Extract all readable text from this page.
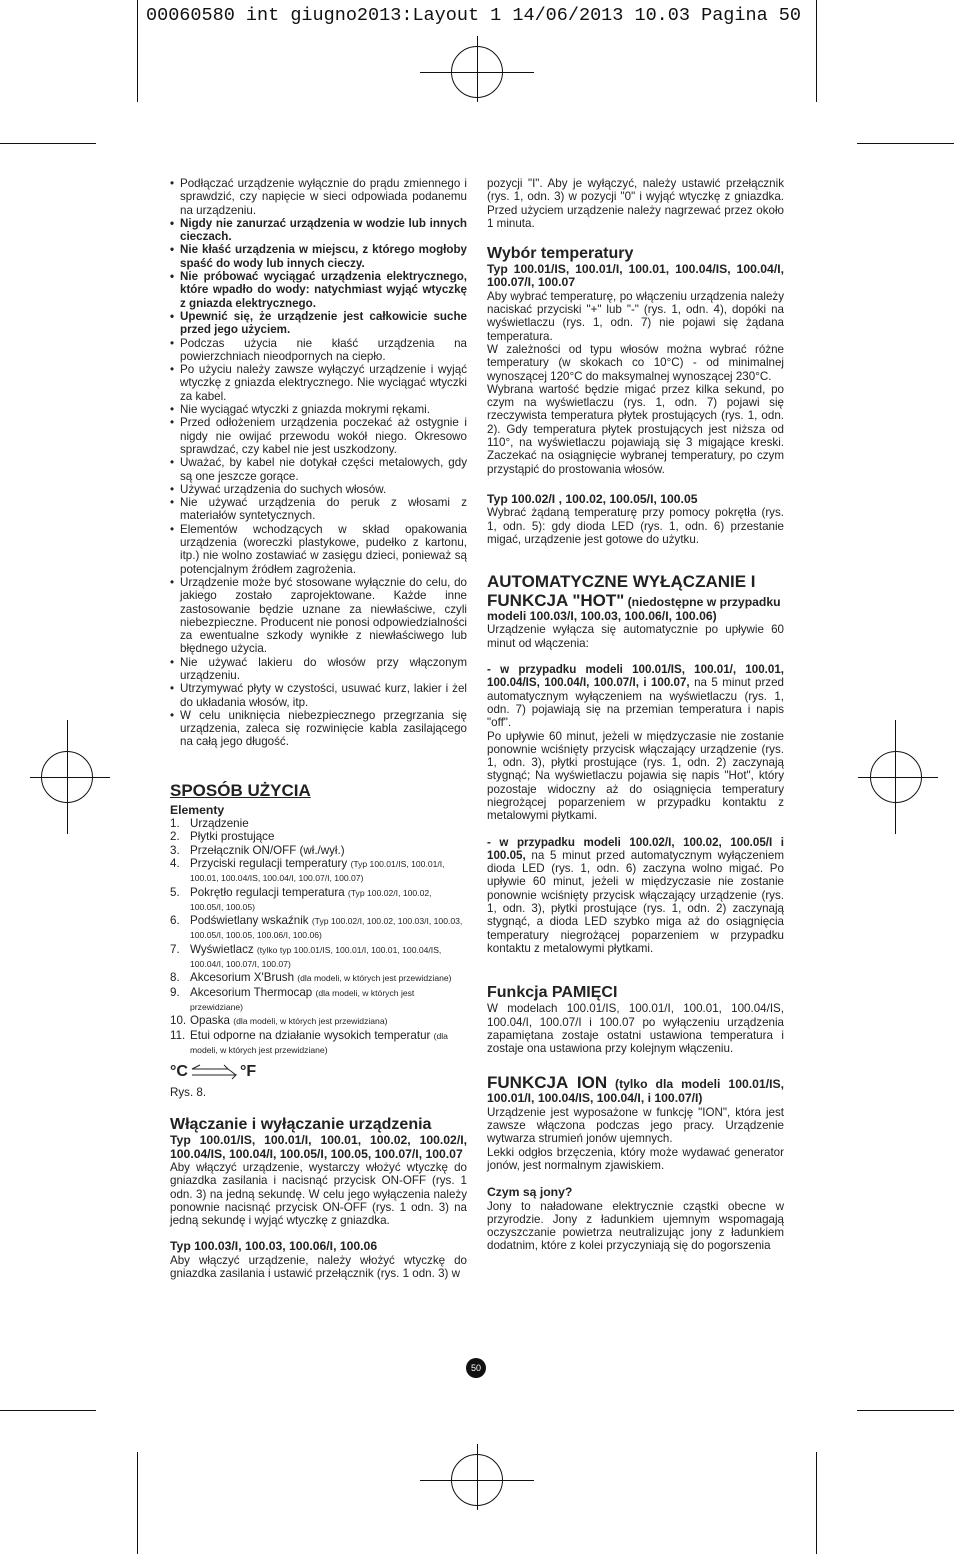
00060580 int giugno2013:Layout 1 14/06/2013 10.03 Pagina 50
• Podłączać urządzenie wyłącznie do prądu zmiennego i sprawdzić, czy napięcie w sieci odpowiada podanemu na urządzeniu.
• Nigdy nie zanurzać urządzenia w wodzie lub innych cieczach.
• Nie kłaść urządzenia w miejscu, z którego mogłoby spaść do wody lub innych cieczy.
• Nie próbować wyciągać urządzenia elektrycznego, które wpadło do wody: natychmiast wyjąć wtyczkę z gniazda elektrycznego.
• Upewnić się, że urządzenie jest całkowicie suche przed jego użyciem.
• Podczas użycia nie kłaść urządzenia na powierzchniach nieodpornych na ciepło.
• Po użyciu należy zawsze wyłączyć urządzenie i wyjąć wtyczkę z gniazda elektrycznego. Nie wyciągać wtyczki za kabel.
• Nie wyciągać wtyczki z gniazda mokrymi rękami.
• Przed odłożeniem urządzenia poczekać aż ostygnie i nigdy nie owijać przewodu wokół niego. Okresowo sprawdzać, czy kabel nie jest uszkodzony.
• Uważać, by kabel nie dotykał części metalowych, gdy są one jeszcze gorące.
• Używać urządzenia do suchych włosów.
• Nie używać urządzenia do peruk z włosami z materiałów syntetycznych.
• Elementów wchodzących w skład opakowania urządzenia (woreczki plastykowe, pudełko z kartonu, itp.) nie wolno zostawiać w zasięgu dzieci, ponieważ są potencjalnym źródłem zagrożenia.
• Urządzenie może być stosowane wyłącznie do celu, do jakiego zostało zaprojektowane. Każde inne zastosowanie będzie uznane za niewłaściwe, czyli niebezpieczne. Producent nie ponosi odpowiedzialności za ewentualne szkody wynikłe z niewłaściwego lub błędnego użycia.
• Nie używać lakieru do włosów przy włączonym urządzeniu.
• Utrzymywać płyty w czystości, usuwać kurz, lakier i żel do układania włosów, itp.
• W celu uniknięcia niebezpiecznego przegrzania się urządzenia, zaleca się rozwinięcie kabla zasilającego na całą jego długość.
SPOSÓB UŻYCIA
Elementy
1. Urządzenie
2. Płytki prostujące
3. Przełącznik ON/OFF (wł./wył.)
4. Przyciski regulacji temperatury (Typ 100.01/IS, 100.01/I, 100.01, 100.04/IS, 100.04/I, 100.07/I, 100.07)
5. Pokrętło regulacji temperatura (Typ 100.02/I, 100.02, 100.05/I, 100.05)
6. Podświetlany wskaźnik (Typ 100.02/I, 100.02, 100.03/I, 100.03, 100.05/I, 100.05, 100.06/I, 100.06)
7. Wyświetlacz (tylko typ 100.01/IS, 100.01/I, 100.01, 100.04/IS, 100.04/I, 100.07/I, 100.07)
8. Akcesorium X'Brush (dla modeli, w których jest przewidziane)
9. Akcesorium Thermocap (dla modeli, w których jest przewidziane)
10. Opaska (dla modeli, w których jest przewidziana)
11. Etui odporne na działanie wysokich temperatur (dla modeli, w których jest przewidziane)
°C	°F

Rys. 8.

Włączanie i wyłączanie urządzenia

Typ 100.01/IS, 100.01/I, 100.01, 100.02, 100.02/I, 100.04/IS, 100.04/I, 100.05/I, 100.05, 100.07/I, 100.07

Aby włączyć urządzenie, wystarczy włożyć wtyczkę do gniazdka zasilania i nacisnąć przycisk ON-OFF (rys. 1 odn. 3) na jedną sekundę. W celu jego wyłączenia należy ponownie nacisnąć przycisk ON-OFF (rys. 1 odn. 3) na jedną sekundę i wyjąć wtyczkę z gniazdka.

Typ 100.03/I, 100.03, 100.06/I, 100.06

Aby włączyć urządzenie, należy włożyć wtyczkę do gniazdka zasilania i ustawić przełącznik (rys. 1 odn. 3) w

pozycji "I". Aby je wyłączyć, należy ustawić przełącznik (rys. 1, odn. 3) w pozycji "0" i wyjąć wtyczkę z gniazdka. Przed użyciem urządzenie należy nagrzewać przez około 1 minuta.

Wybór temperatury

Typ 100.01/IS, 100.01/I, 100.01, 100.04/IS, 100.04/I, 100.07/I, 100.07

Aby wybrać temperaturę, po włączeniu urządzenia należy naciskać przyciski "+" lub "-" (rys. 1, odn. 4), dopóki na wyświetlaczu (rys. 1, odn. 7) nie pojawi się żądana temperatura.

W zależności od typu włosów można wybrać różne temperatury (w skokach co 10°C) - od minimalnej wynoszącej 120°C do maksymalnej wynoszącej 230°C.

Wybrana wartość będzie migać przez kilka sekund, po czym na wyświetlaczu (rys. 1, odn. 7) pojawi się rzeczywista temperatura płytek prostujących (rys. 1, odn. 2). Gdy temperatura płytek prostujących jest niższa od 110°, na wyświetlaczu pojawiają się 3 migające kreski. Zaczekać na osiągnięcie wybranej temperatury, po czym przystąpić do prostowania włosów.

Typ 100.02/I , 100.02, 100.05/I, 100.05

Wybrać żądaną temperaturę przy pomocy pokrętła (rys. 1, odn. 5): gdy dioda LED (rys. 1, odn. 6) przestanie migać, urządzenie jest gotowe do użytku.

AUTOMATYCZNE WYŁĄCZANIE I FUNKCJA "HOT" (niedostępne w przypadku modeli 100.03/I, 100.03, 100.06/I, 100.06)

Urządzenie wyłącza się automatycznie po upływie 60 minut od włączenia:

- w przypadku modeli 100.01/IS, 100.01/, 100.01, 100.04/IS, 100.04/I, 100.07/I, i 100.07, na 5 minut przed automatycznym wyłączeniem na wyświetlaczu (rys. 1, odn. 7) pojawiają się na przemian temperatura i napis "off".

Po upływie 60 minut, jeżeli w międzyczasie nie zostanie ponownie wciśnięty przycisk włączający urządzenie (rys. 1, odn. 3), płytki prostujące (rys. 1, odn. 2) zaczynają stygnąć; Na wyświetlaczu pojawia się napis "Hot", który pozostaje widoczny aż do osiągnięcia temperatury niegrożącej poparzeniem w przypadku kontaktu z metalowymi płytkami.

- w przypadku modeli 100.02/I, 100.02, 100.05/I i 100.05, na 5 minut przed automatycznym wyłączeniem dioda LED (rys. 1, odn. 6) zaczyna wolno migać. Po upływie 60 minut, jeżeli w międzyczasie nie zostanie ponownie wciśnięty przycisk włączający urządzenie (rys. 1, odn. 3), płytki prostujące (rys. 1, odn. 2) zaczynają stygnąć, a dioda LED szybko miga aż do osiągnięcia temperatury niegrożącej poparzeniem w przypadku kontaktu z metalowymi płytkami.

Funkcja PAMIĘCI

W modelach 100.01/IS, 100.01/I, 100.01, 100.04/IS, 100.04/I, 100.07/I i 100.07 po wyłączeniu urządzenia zapamiętana zostaje ostatni ustawiona temperatura i zostaje ona ustawiona przy kolejnym włączeniu.

FUNKCJA ION (tylko dla modeli 100.01/IS, 100.01/I, 100.04/IS, 100.04/I, i 100.07/I)

Urządzenie jest wyposażone w funkcję "ION", która jest zawsze włączona podczas jego pracy. Urządzenie wytwarza strumień jonów ujemnych.

Lekki odgłos brzęczenia, który może wydawać generator jonów, jest normalnym zjawiskiem.

Czym są jony?

Jony to naładowane elektrycznie cząstki obecne w przyrodzie. Jony z ładunkiem ujemnym wspomagają oczyszczanie powietrza neutralizując jony z ładunkiem dodatnim, które z kolei przyczyniają się do pogorszenia

50
